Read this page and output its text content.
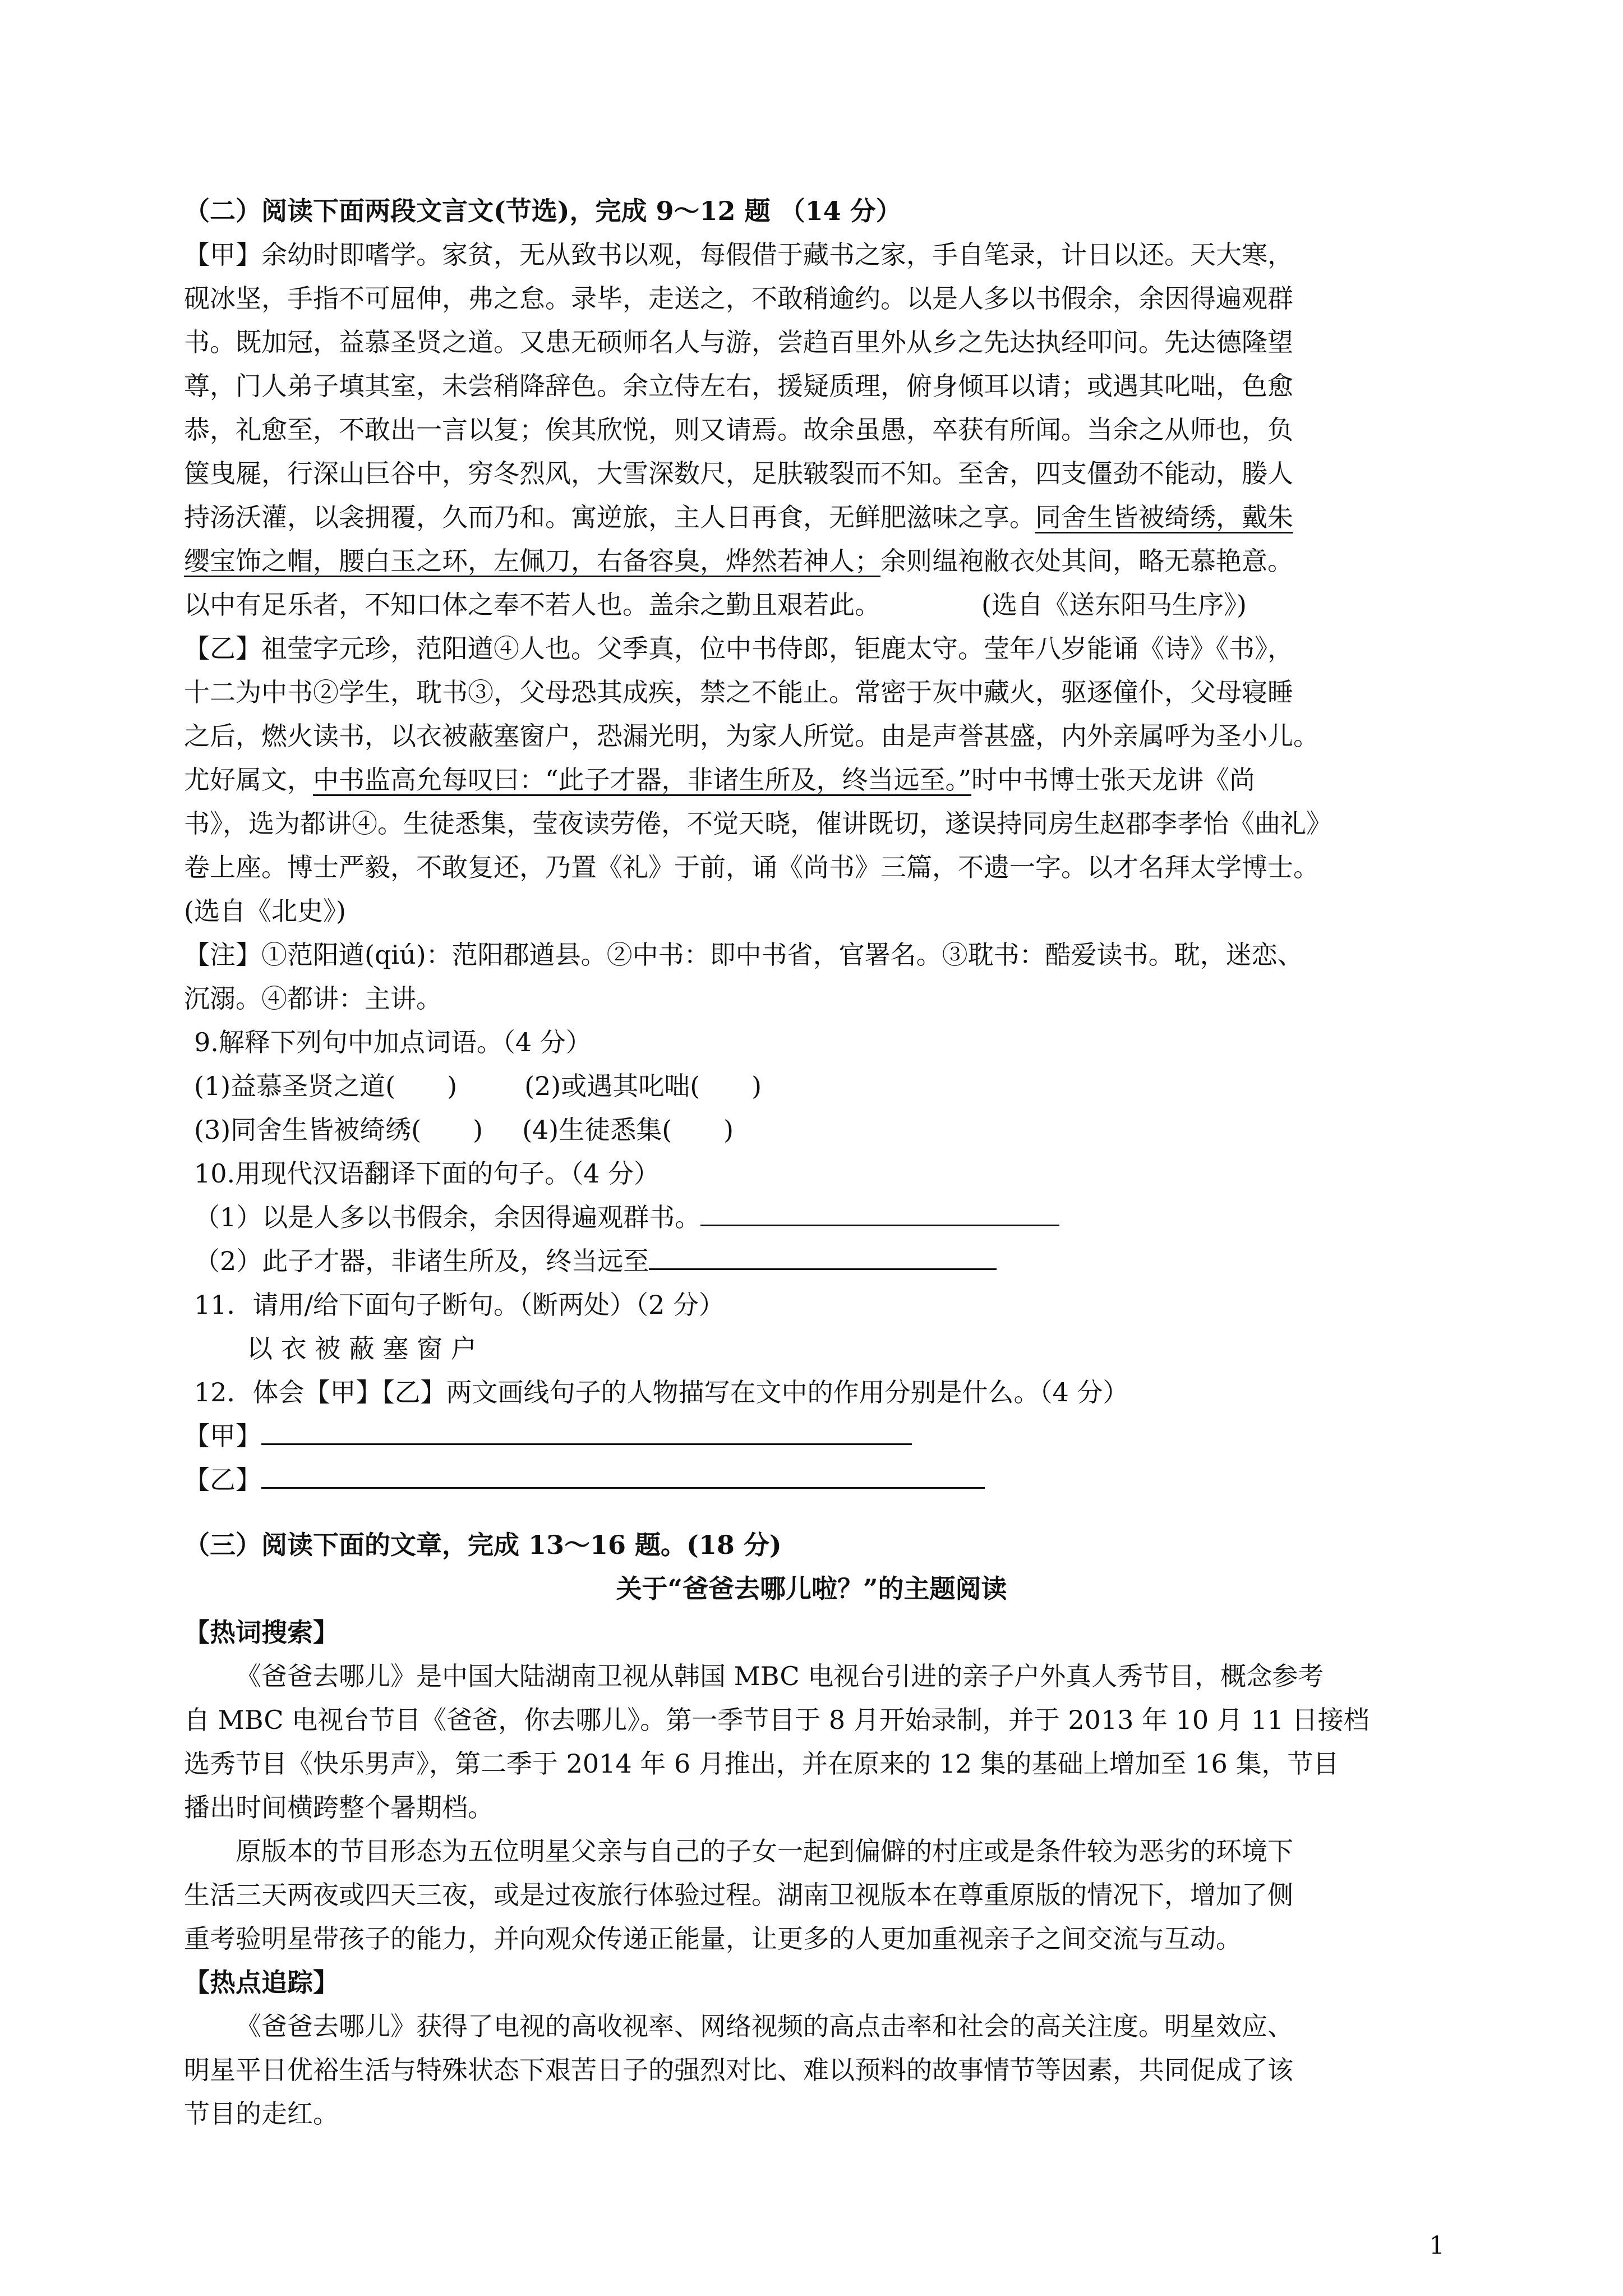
（二）阅读下面两段文言文(节选)，完成 9～12 题 （14 分）
【甲】余幼时即嗜学。家贫，无从致书以观，每假借于藏书之家，手自笔录，计日以还。天大寒，
砚冰坚，手指不可屈伸，弗之怠。录毕，走送之，不敢稍逾约。以是人多以书假余，余因得遍观群
书。既加冠，益慕圣贤之道。又患无硕师名人与游，尝趋百里外从乡之先达执经叩问。先达德隆望
尊，门人弟子填其室，未尝稍降辞色。余立侍左右，援疑质理，俯身倾耳以请；或遇其叱咄，色愈
恭，礼愈至，不敢出一言以复；俟其欣悦，则又请焉。故余虽愚，卒获有所闻。当余之从师也，负
箧曳屣，行深山巨谷中，穷冬烈风，大雪深数尺，足肤皲裂而不知。至舍，四支僵劲不能动，媵人
持汤沃灌，以衾拥覆，久而乃和。寓逆旅，主人日再食，无鲜肥滋味之享。同舍生皆被绮绣，戴朱
缨宝饰之帽，腰白玉之环，左佩刀，右备容臭，烨然若神人；余则缊袍敝衣处其间，略无慕艳意。
以中有足乐者，不知口体之奉不若人也。盖余之勤且艰若此。	(选自《送东阳马生序》)
【乙】祖莹字元珍，范阳遒④人也。父季真，位中书侍郎，钜鹿太守。莹年八岁能诵《诗》《书》，
十二为中书②学生，耽书③，父母恐其成疾，禁之不能止。常密于灰中藏火，驱逐僮仆，父母寝睡
之后，燃火读书，以衣被蔽塞窗户，恐漏光明，为家人所觉。由是声誉甚盛，内外亲属呼为圣小儿。
尤好属文，中书监高允每叹曰：“此子才器，非诸生所及，终当远至。”时中书博士张天龙讲《尚
书》，选为都讲④。生徒悉集，莹夜读劳倦，不觉天晓，催讲既切，遂误持同房生赵郡李孝怡《曲礼》
卷上座。博士严毅，不敢复还，乃置《礼》于前，诵《尚书》三篇，不遗一字。以才名拜太学博士。
(选自《北史》)
【注】①范阳遒(qiú)：范阳郡遒县。②中书：即中书省，官署名。③耽书：酷爱读书。耽，迷恋、
沉溺。④都讲：主讲。
9.解释下列句中加点词语。（4 分）
(1)益慕圣贤之道(　　)	(2)或遇其叱咄(　　)
(3)同舍生皆被绮绣(　　) (4)生徒悉集(　　)
10.用现代汉语翻译下面的句子。（4 分）
（1）以是人多以书假余，余因得遍观群书。
（2）此子才器，非诸生所及，终当远至
11．请用/给下面句子断句。（断两处）（2 分）
以 衣 被 蔽 塞 窗 户
12．体会【甲】【乙】两文画线句子的人物描写在文中的作用分别是什么。（4 分）
【甲】
【乙】
（三）阅读下面的文章，完成 13～16 题。(18 分)
关于“爸爸去哪儿啦？”的主题阅读
【热词搜索】
《爸爸去哪儿》是中国大陆湖南卫视从韩国 MBC 电视台引进的亲子户外真人秀节目，概念参考
自 MBC 电视台节目《爸爸，你去哪儿》。第一季节目于 8 月开始录制，并于 2013 年 10 月 11 日接档
选秀节目《快乐男声》，第二季于 2014 年 6 月推出，并在原来的 12 集的基础上增加至 16 集，节目
播出时间横跨整个暑期档。
原版本的节目形态为五位明星父亲与自己的子女一起到偏僻的村庄或是条件较为恶劣的环境下
生活三天两夜或四天三夜，或是过夜旅行体验过程。湖南卫视版本在尊重原版的情况下，增加了侧
重考验明星带孩子的能力，并向观众传递正能量，让更多的人更加重视亲子之间交流与互动。
【热点追踪】
《爸爸去哪儿》获得了电视的高收视率、网络视频的高点击率和社会的高关注度。明星效应、
明星平日优裕生活与特殊状态下艰苦日子的强烈对比、难以预料的故事情节等因素，共同促成了该
节目的走红。
1
